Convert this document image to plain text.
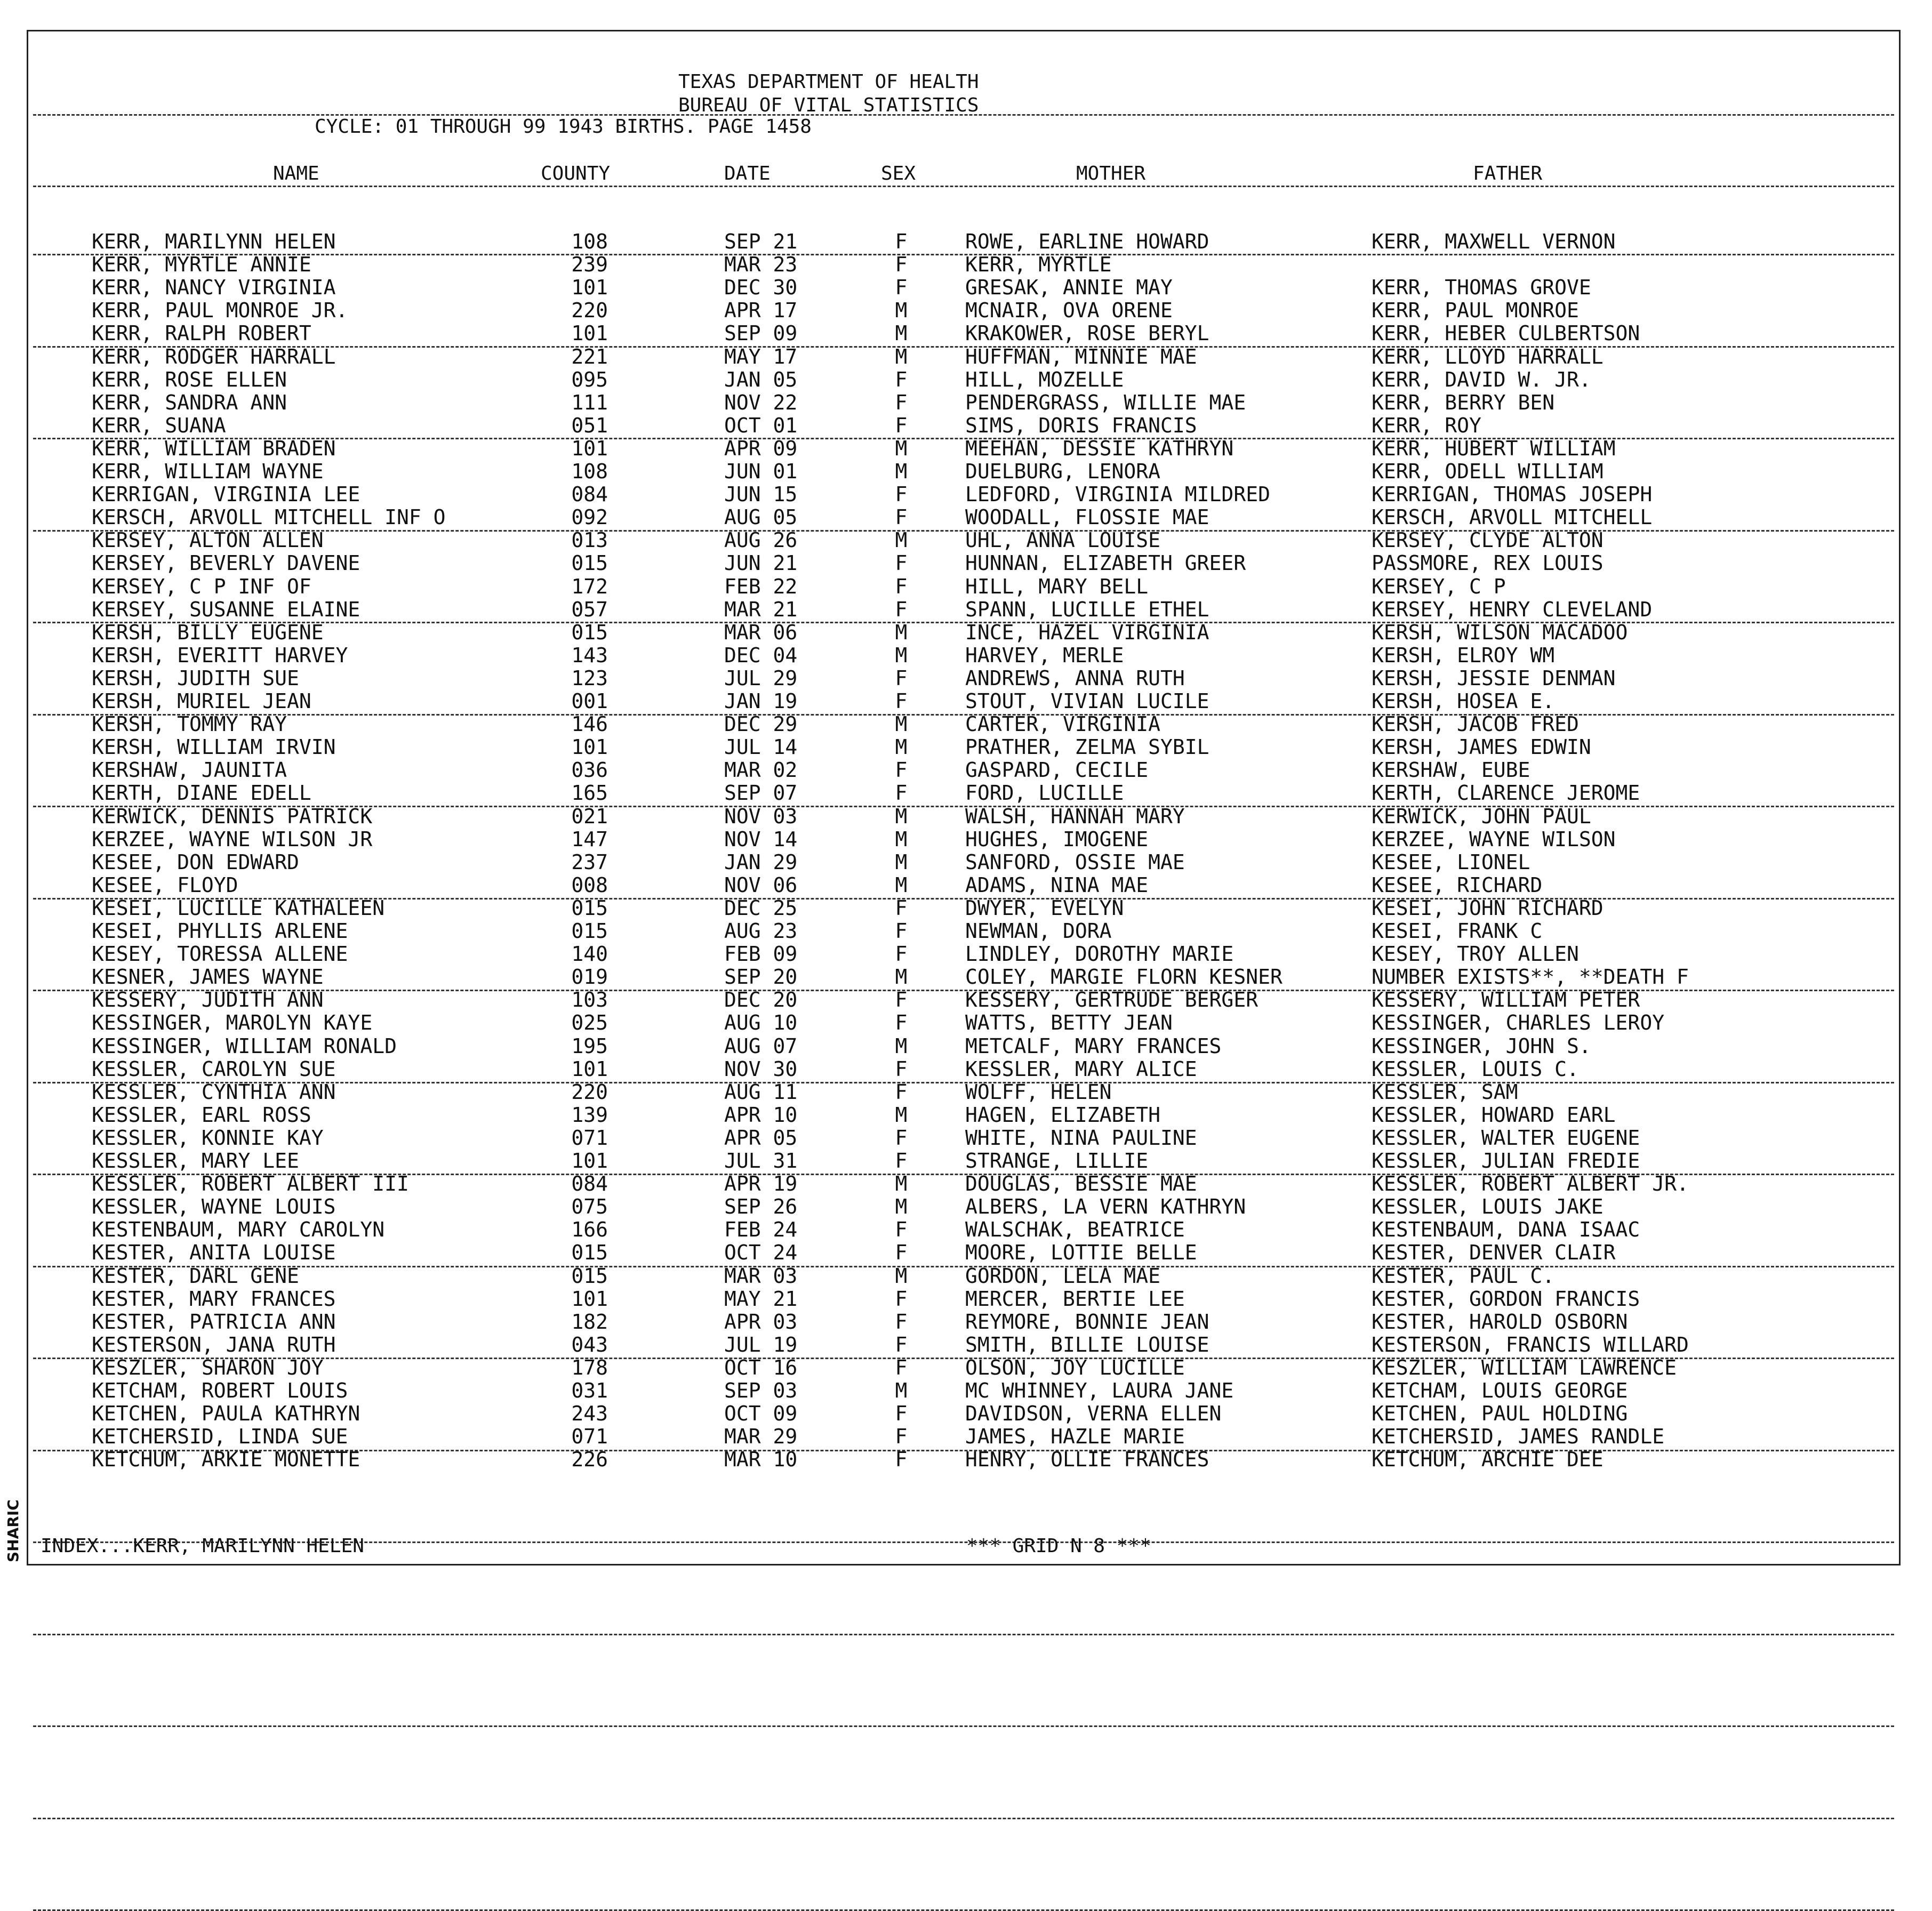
TEXAS DEPARTMENT OF HEALTH
BUREAU OF VITAL STATISTICS
CYCLE: 01 THROUGH 99 1943 BIRTHS. PAGE 1458
NAME	COUNTY	DATE	SEX	MOTHER	FATHER
KERR, MARILYNN HELEN	108	SEP 21	F	ROWE, EARLINE HOWARD	KERR, MAXWELL VERNON
KERR, MYRTLE ANNIE	239	MAR 23	F	KERR, MYRTLE
KERR, NANCY VIRGINIA	101	DEC 30	F	GRESAK, ANNIE MAY	KERR, THOMAS GROVE
KERR, PAUL MONROE JR.	220	APR 17	M	MCNAIR, OVA ORENE	KERR, PAUL MONROE
KERR, RALPH ROBERT	101	SEP 09	M	KRAKOWER, ROSE BERYL	KERR, HEBER CULBERTSON
KERR, RODGER HARRALL	221	MAY 17	M	HUFFMAN, MINNIE MAE	KERR, LLOYD HARRALL
KERR, ROSE ELLEN	095	JAN 05	F	HILL, MOZELLE	KERR, DAVID W. JR.
KERR, SANDRA ANN	111	NOV 22	F	PENDERGRASS, WILLIE MAE	KERR, BERRY BEN
KERR, SUANA	051	OCT 01	F	SIMS, DORIS FRANCIS	KERR, ROY
KERR, WILLIAM BRADEN	101	APR 09	M	MEEHAN, DESSIE KATHRYN	KERR, HUBERT WILLIAM
KERR, WILLIAM WAYNE	108	JUN 01	M	DUELBURG, LENORA	KERR, ODELL WILLIAM
KERRIGAN, VIRGINIA LEE	084	JUN 15	F	LEDFORD, VIRGINIA MILDRED	KERRIGAN, THOMAS JOSEPH
KERSCH, ARVOLL MITCHELL INF O	092	AUG 05	F	WOODALL, FLOSSIE MAE	KERSCH, ARVOLL MITCHELL
KERSEY, ALTON ALLEN	013	AUG 26	M	UHL, ANNA LOUISE	KERSEY, CLYDE ALTON
KERSEY, BEVERLY DAVENE	015	JUN 21	F	HUNNAN, ELIZABETH GREER	PASSMORE, REX LOUIS
KERSEY, C P INF OF	172	FEB 22	F	HILL, MARY BELL	KERSEY, C P
KERSEY, SUSANNE ELAINE	057	MAR 21	F	SPANN, LUCILLE ETHEL	KERSEY, HENRY CLEVELAND
KERSH, BILLY EUGENE	015	MAR 06	M	INCE, HAZEL VIRGINIA	KERSH, WILSON MACADOO
KERSH, EVERITT HARVEY	143	DEC 04	M	HARVEY, MERLE	KERSH, ELROY WM
KERSH, JUDITH SUE	123	JUL 29	F	ANDREWS, ANNA RUTH	KERSH, JESSIE DENMAN
KERSH, MURIEL JEAN	001	JAN 19	F	STOUT, VIVIAN LUCILE	KERSH, HOSEA E.
KERSH, TOMMY RAY	146	DEC 29	M	CARTER, VIRGINIA	KERSH, JACOB FRED
KERSH, WILLIAM IRVIN	101	JUL 14	M	PRATHER, ZELMA SYBIL	KERSH, JAMES EDWIN
KERSHAW, JAUNITA	036	MAR 02	F	GASPARD, CECILE	KERSHAW, EUBE
KERTH, DIANE EDELL	165	SEP 07	F	FORD, LUCILLE	KERTH, CLARENCE JEROME
KERWICK, DENNIS PATRICK	021	NOV 03	M	WALSH, HANNAH MARY	KERWICK, JOHN PAUL
KERZEE, WAYNE WILSON JR	147	NOV 14	M	HUGHES, IMOGENE	KERZEE, WAYNE WILSON
KESEE, DON EDWARD	237	JAN 29	M	SANFORD, OSSIE MAE	KESEE, LIONEL
KESEE, FLOYD	008	NOV 06	M	ADAMS, NINA MAE	KESEE, RICHARD
KESEI, LUCILLE KATHALEEN	015	DEC 25	F	DWYER, EVELYN	KESEI, JOHN RICHARD
KESEI, PHYLLIS ARLENE	015	AUG 23	F	NEWMAN, DORA	KESEI, FRANK C
KESEY, TORESSA ALLENE	140	FEB 09	F	LINDLEY, DOROTHY MARIE	KESEY, TROY ALLEN
KESNER, JAMES WAYNE	019	SEP 20	M	COLEY, MARGIE FLORN KESNER	NUMBER EXISTS**, **DEATH F
KESSERY, JUDITH ANN	103	DEC 20	F	KESSERY, GERTRUDE BERGER	KESSERY, WILLIAM PETER
KESSINGER, MAROLYN KAYE	025	AUG 10	F	WATTS, BETTY JEAN	KESSINGER, CHARLES LEROY
KESSINGER, WILLIAM RONALD	195	AUG 07	M	METCALF, MARY FRANCES	KESSINGER, JOHN S.
KESSLER, CAROLYN SUE	101	NOV 30	F	KESSLER, MARY ALICE	KESSLER, LOUIS C.
KESSLER, CYNTHIA ANN	220	AUG 11	F	WOLFF, HELEN	KESSLER, SAM
KESSLER, EARL ROSS	139	APR 10	M	HAGEN, ELIZABETH	KESSLER, HOWARD EARL
KESSLER, KONNIE KAY	071	APR 05	F	WHITE, NINA PAULINE	KESSLER, WALTER EUGENE
KESSLER, MARY LEE	101	JUL 31	F	STRANGE, LILLIE	KESSLER, JULIAN FREDIE
KESSLER, ROBERT ALBERT III	084	APR 19	M	DOUGLAS, BESSIE MAE	KESSLER, ROBERT ALBERT JR.
KESSLER, WAYNE LOUIS	075	SEP 26	M	ALBERS, LA VERN KATHRYN	KESSLER, LOUIS JAKE
KESTENBAUM, MARY CAROLYN	166	FEB 24	F	WALSCHAK, BEATRICE	KESTENBAUM, DANA ISAAC
KESTER, ANITA LOUISE	015	OCT 24	F	MOORE, LOTTIE BELLE	KESTER, DENVER CLAIR
KESTER, DARL GENE	015	MAR 03	M	GORDON, LELA MAE	KESTER, PAUL C.
KESTER, MARY FRANCES	101	MAY 21	F	MERCER, BERTIE LEE	KESTER, GORDON FRANCIS
KESTER, PATRICIA ANN	182	APR 03	F	REYMORE, BONNIE JEAN	KESTER, HAROLD OSBORN
KESTERSON, JANA RUTH	043	JUL 19	F	SMITH, BILLIE LOUISE	KESTERSON, FRANCIS WILLARD
KESZLER, SHARON JOY	178	OCT 16	F	OLSON, JOY LUCILLE	KESZLER, WILLIAM LAWRENCE
KETCHAM, ROBERT LOUIS	031	SEP 03	M	MC WHINNEY, LAURA JANE	KETCHAM, LOUIS GEORGE
KETCHEN, PAULA KATHRYN	243	OCT 09	F	DAVIDSON, VERNA ELLEN	KETCHEN, PAUL HOLDING
KETCHERSID, LINDA SUE	071	MAR 29	F	JAMES, HAZLE MARIE	KETCHERSID, JAMES RANDLE
KETCHUM, ARKIE MONETTE	226	MAR 10	F	HENRY, OLLIE FRANCES	KETCHUM, ARCHIE DEE
INDEX...KERR, MARILYNN HELEN	*** GRID N 8 ***
SHARIC
